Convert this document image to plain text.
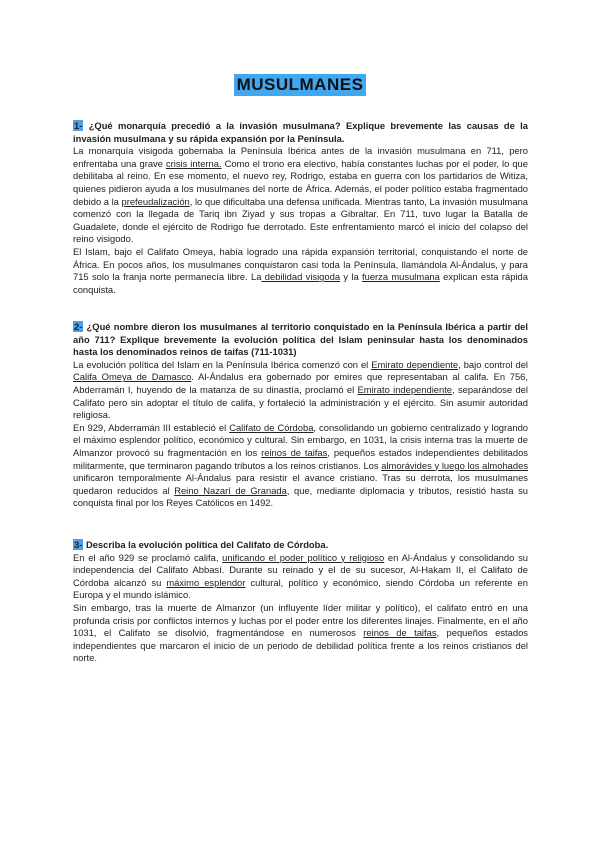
MUSULMANES

1- ¿Qué monarquía precedió a la invasión musulmana? Explique brevemente las causas de la invasión musulmana y su rápida expansión por la Península.

La monarquía visigoda gobernaba la Península Ibérica antes de la invasión musulmana en 711, pero enfrentaba una grave crisis interna. Como el trono era electivo, había constantes luchas por el poder, lo que debilitaba al reino. En ese momento, el nuevo rey, Rodrigo, estaba en guerra con los partidarios de Witiza, quienes pidieron ayuda a los musulmanes del norte de África. Además, el poder político estaba fragmentado debido a la prefeudalización, lo que dificultaba una defensa unificada. Mientras tanto, La invasión musulmana comenzó con la llegada de Tariq ibn Ziyad y sus tropas a Gibraltar. En 711, tuvo lugar la Batalla de Guadalete, donde el ejército de Rodrigo fue derrotado. Este enfrentamiento marcó el inicio del colapso del reino visigodo.

El Islam, bajo el Califato Omeya, había logrado una rápida expansión territorial, conquistando el norte de África. En pocos años, los musulmanes conquistaron casi toda la Península, llamándola Al-Ándalus, y para 715 solo la franja norte permanecía libre. La debilidad visigoda y la fuerza musulmana explican esta rápida conquista.

2- ¿Qué nombre dieron los musulmanes al territorio conquistado en la Península Ibérica a partir del año 711? Explique brevemente la evolución política del Islam peninsular hasta los denominados hasta los denominados reinos de taifas (711-1031)

La evolución política del Islam en la Península Ibérica comenzó con el Emirato dependiente, bajo control del Califa Omeya de Damasco. Al-Ándalus era gobernado por emires que representaban al califa. En 756, Abderramán I, huyendo de la matanza de su dinastía, proclamó el Emirato independiente, separándose del Califato pero sin adoptar el título de califa, y fortaleció la administración y el ejército. Sin asumir autoridad religiosa.

En 929, Abderramán III estableció el Califato de Córdoba, consolidando un gobierno centralizado y logrando el máximo esplendor político, económico y cultural. Sin embargo, en 1031, la crisis interna tras la muerte de Almanzor provocó su fragmentación en los reinos de taifas, pequeños estados independientes debilitados militarmente, que terminaron pagando tributos a los reinos cristianos. Los almorávides y luego los almohades unificaron temporalmente Al-Ándalus para resistir el avance cristiano. Tras su derrota, los musulmanes quedaron reducidos al Reino Nazarí de Granada, que, mediante diplomacia y tributos, resistió hasta su conquista final por los Reyes Católicos en 1492.

3- Describa la evolución política del Califato de Córdoba.

En el año 929 se proclamó califa, unificando el poder político y religioso en Al-Ándalus y consolidando su independencia del Califato Abbasí. Durante su reinado y el de su sucesor, Al-Hakam II, el Califato de Córdoba alcanzó su máximo esplendor cultural, político y económico, siendo Córdoba un referente en Europa y el mundo islámico.

Sin embargo, tras la muerte de Almanzor (un influyente líder militar y político), el califato entró en una profunda crisis por conflictos internos y luchas por el poder entre los diferentes linajes. Finalmente, en el año 1031, el Califato se disolvió, fragmentándose en numerosos reinos de taifas, pequeños estados independientes que marcaron el inicio de un periodo de debilidad política frente a los reinos cristianos del norte.
